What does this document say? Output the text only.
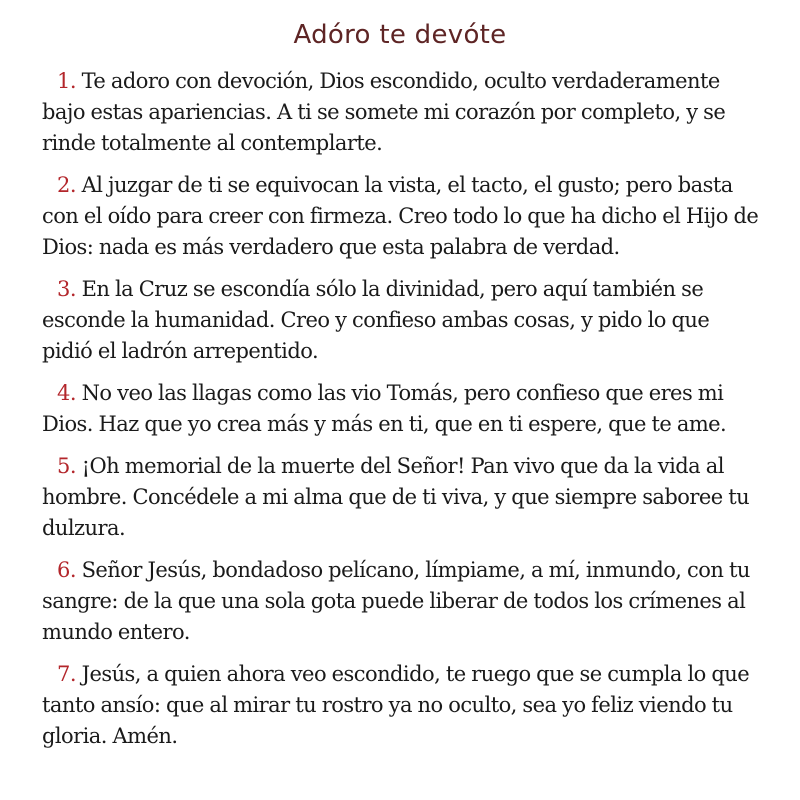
Adóro te devóte

1. Te adoro con devoción, Dios escondido, oculto verdaderamente bajo estas apariencias. A ti se somete mi corazón por completo, y se rinde totalmente al contemplarte.

2. Al juzgar de ti se equivocan la vista, el tacto, el gusto; pero basta con el oído para creer con firmeza. Creo todo lo que ha dicho el Hijo de Dios: nada es más verdadero que esta palabra de verdad.

3. En la Cruz se escondía sólo la divinidad, pero aquí también se esconde la humanidad. Creo y confieso ambas cosas, y pido lo que pidió el ladrón arrepentido.

4. No veo las llagas como las vio Tomás, pero confieso que eres mi Dios. Haz que yo crea más y más en ti, que en ti espere, que te ame.

5. ¡Oh memorial de la muerte del Señor! Pan vivo que da la vida al hombre. Concédele a mi alma que de ti viva, y que siempre saboree tu dulzura.

6. Señor Jesús, bondadoso pelícano, límpiame, a mí, inmundo, con tu sangre: de la que una sola gota puede liberar de todos los crímenes al mundo entero.

7. Jesús, a quien ahora veo escondido, te ruego que se cumpla lo que tanto ansío: que al mirar tu rostro ya no oculto, sea yo feliz viendo tu gloria. Amén.
